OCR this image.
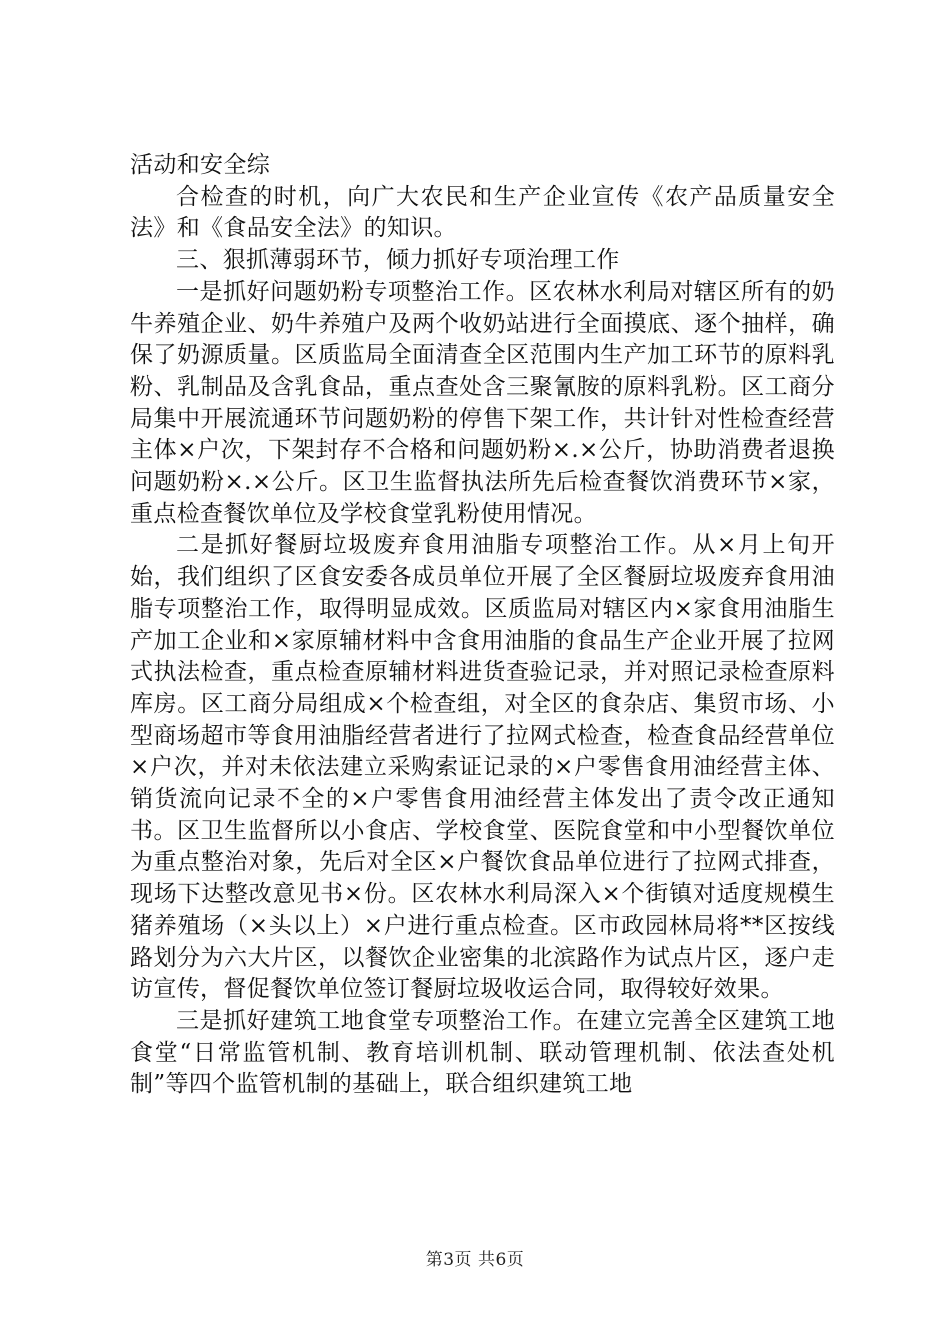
活动和安全综

合检查的时机，向广大农民和生产企业宣传《农产品质量安全法》和《食品安全法》的知识。

三、狠抓薄弱环节，倾力抓好专项治理工作

一是抓好问题奶粉专项整治工作。区农林水利局对辖区所有的奶牛养殖企业、奶牛养殖户及两个收奶站进行全面摸底、逐个抽样，确保了奶源质量。区质监局全面清查全区范围内生产加工环节的原料乳粉、乳制品及含乳食品，重点查处含三聚氰胺的原料乳粉。区工商分局集中开展流通环节问题奶粉的停售下架工作，共计针对性检查经营主体×户次，下架封存不合格和问题奶粉×.×公斤，协助消费者退换问题奶粉×.×公斤。区卫生监督执法所先后检查餐饮消费环节×家，重点检查餐饮单位及学校食堂乳粉使用情况。

二是抓好餐厨垃圾废弃食用油脂专项整治工作。从×月上旬开始，我们组织了区食安委各成员单位开展了全区餐厨垃圾废弃食用油脂专项整治工作，取得明显成效。区质监局对辖区内×家食用油脂生产加工企业和×家原辅材料中含食用油脂的食品生产企业开展了拉网式执法检查，重点检查原辅材料进货查验记录，并对照记录检查原料库房。区工商分局组成×个检查组，对全区的食杂店、集贸市场、小型商场超市等食用油脂经营者进行了拉网式检查，检查食品经营单位×户次，并对未依法建立采购索证记录的×户零售食用油经营主体、销货流向记录不全的×户零售食用油经营主体发出了责令改正通知书。区卫生监督所以小食店、学校食堂、医院食堂和中小型餐饮单位为重点整治对象，先后对全区×户餐饮食品单位进行了拉网式排查，现场下达整改意见书×份。区农林水利局深入×个街镇对适度规模生猪养殖场（×头以上）×户进行重点检查。区市政园林局将**区按线路划分为六大片区，以餐饮企业密集的北滨路作为试点片区，逐户走访宣传，督促餐饮单位签订餐厨垃圾收运合同，取得较好效果。

三是抓好建筑工地食堂专项整治工作。在建立完善全区建筑工地食堂“日常监管机制、教育培训机制、联动管理机制、依法查处机制”等四个监管机制的基础上，联合组织建筑工地

第3页 共6页
